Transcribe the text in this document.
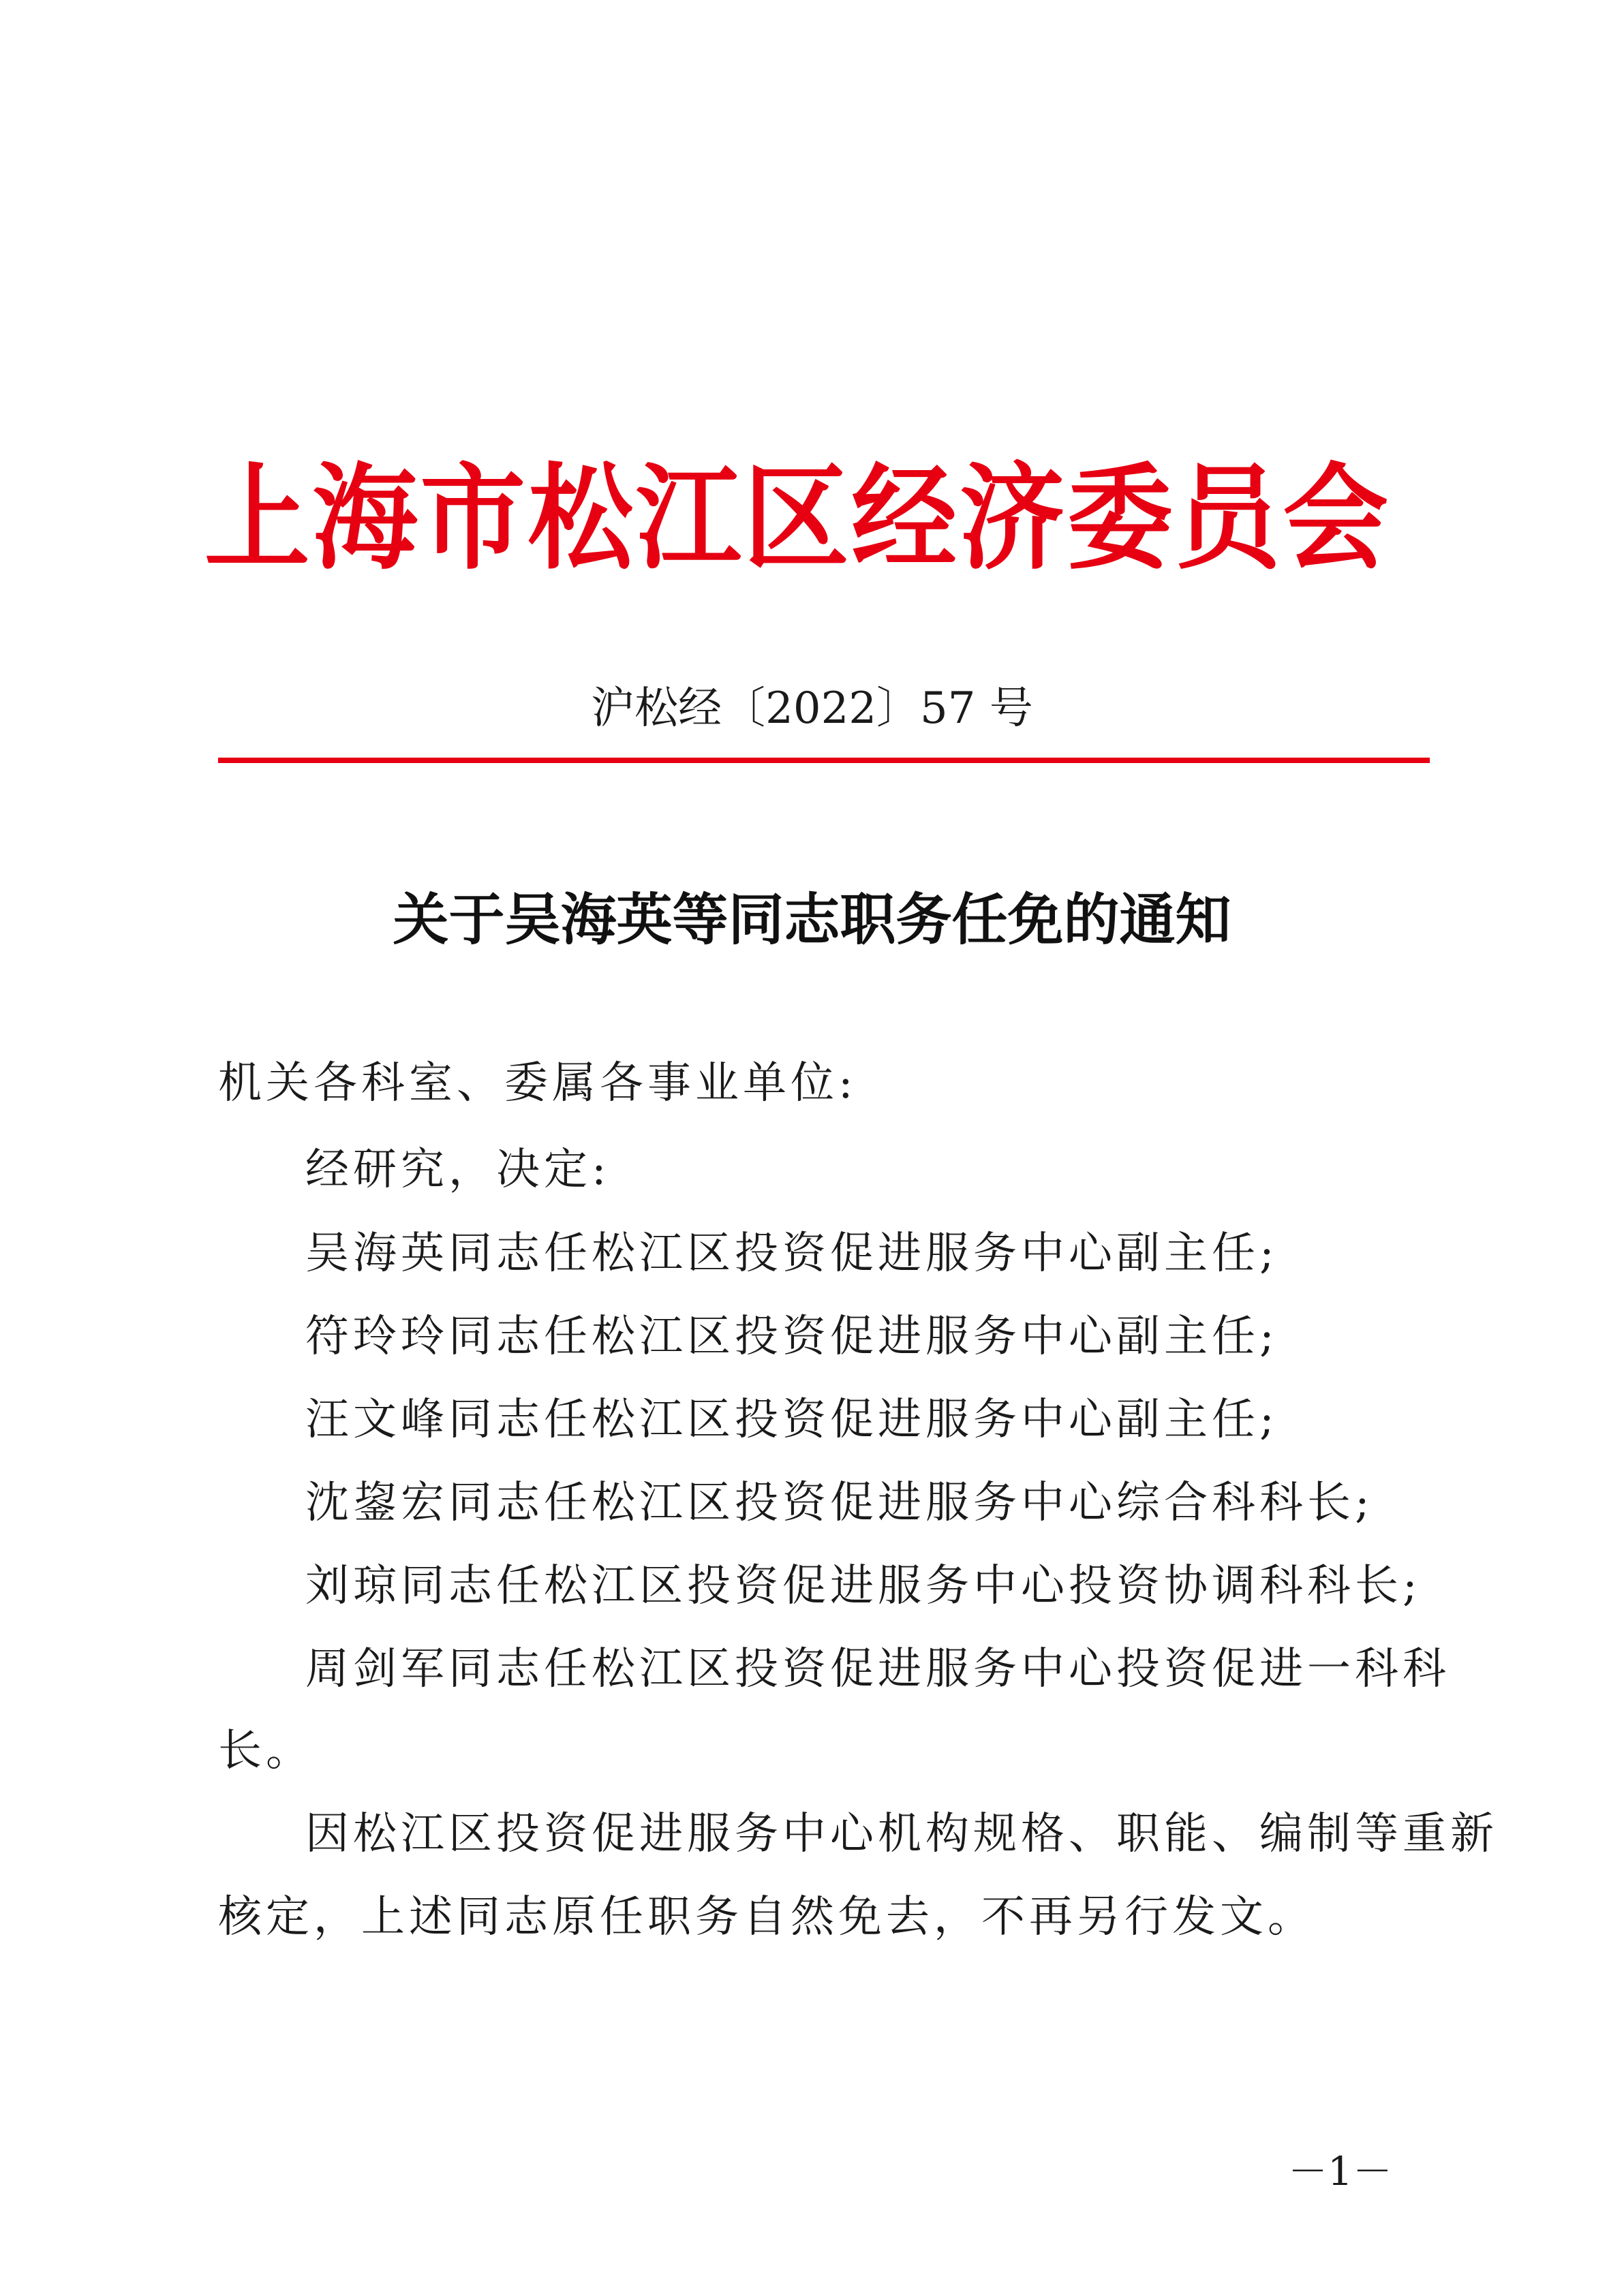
上海市松江区经济委员会
沪松经〔2022〕57 号
关于吴海英等同志职务任免的通知

机关各科室、委属各事业单位:

经研究，决定:

吴海英同志任松江区投资促进服务中心副主任;

符玲玲同志任松江区投资促进服务中心副主任;

汪文峰同志任松江区投资促进服务中心副主任;

沈鋆宏同志任松江区投资促进服务中心综合科科长;

刘琼同志任松江区投资促进服务中心投资协调科科长;

周剑军同志任松江区投资促进服务中心投资促进一科科

长。

因松江区投资促进服务中心机构规格、职能、编制等重新

核定，上述同志原任职务自然免去，不再另行发文。

－1－
